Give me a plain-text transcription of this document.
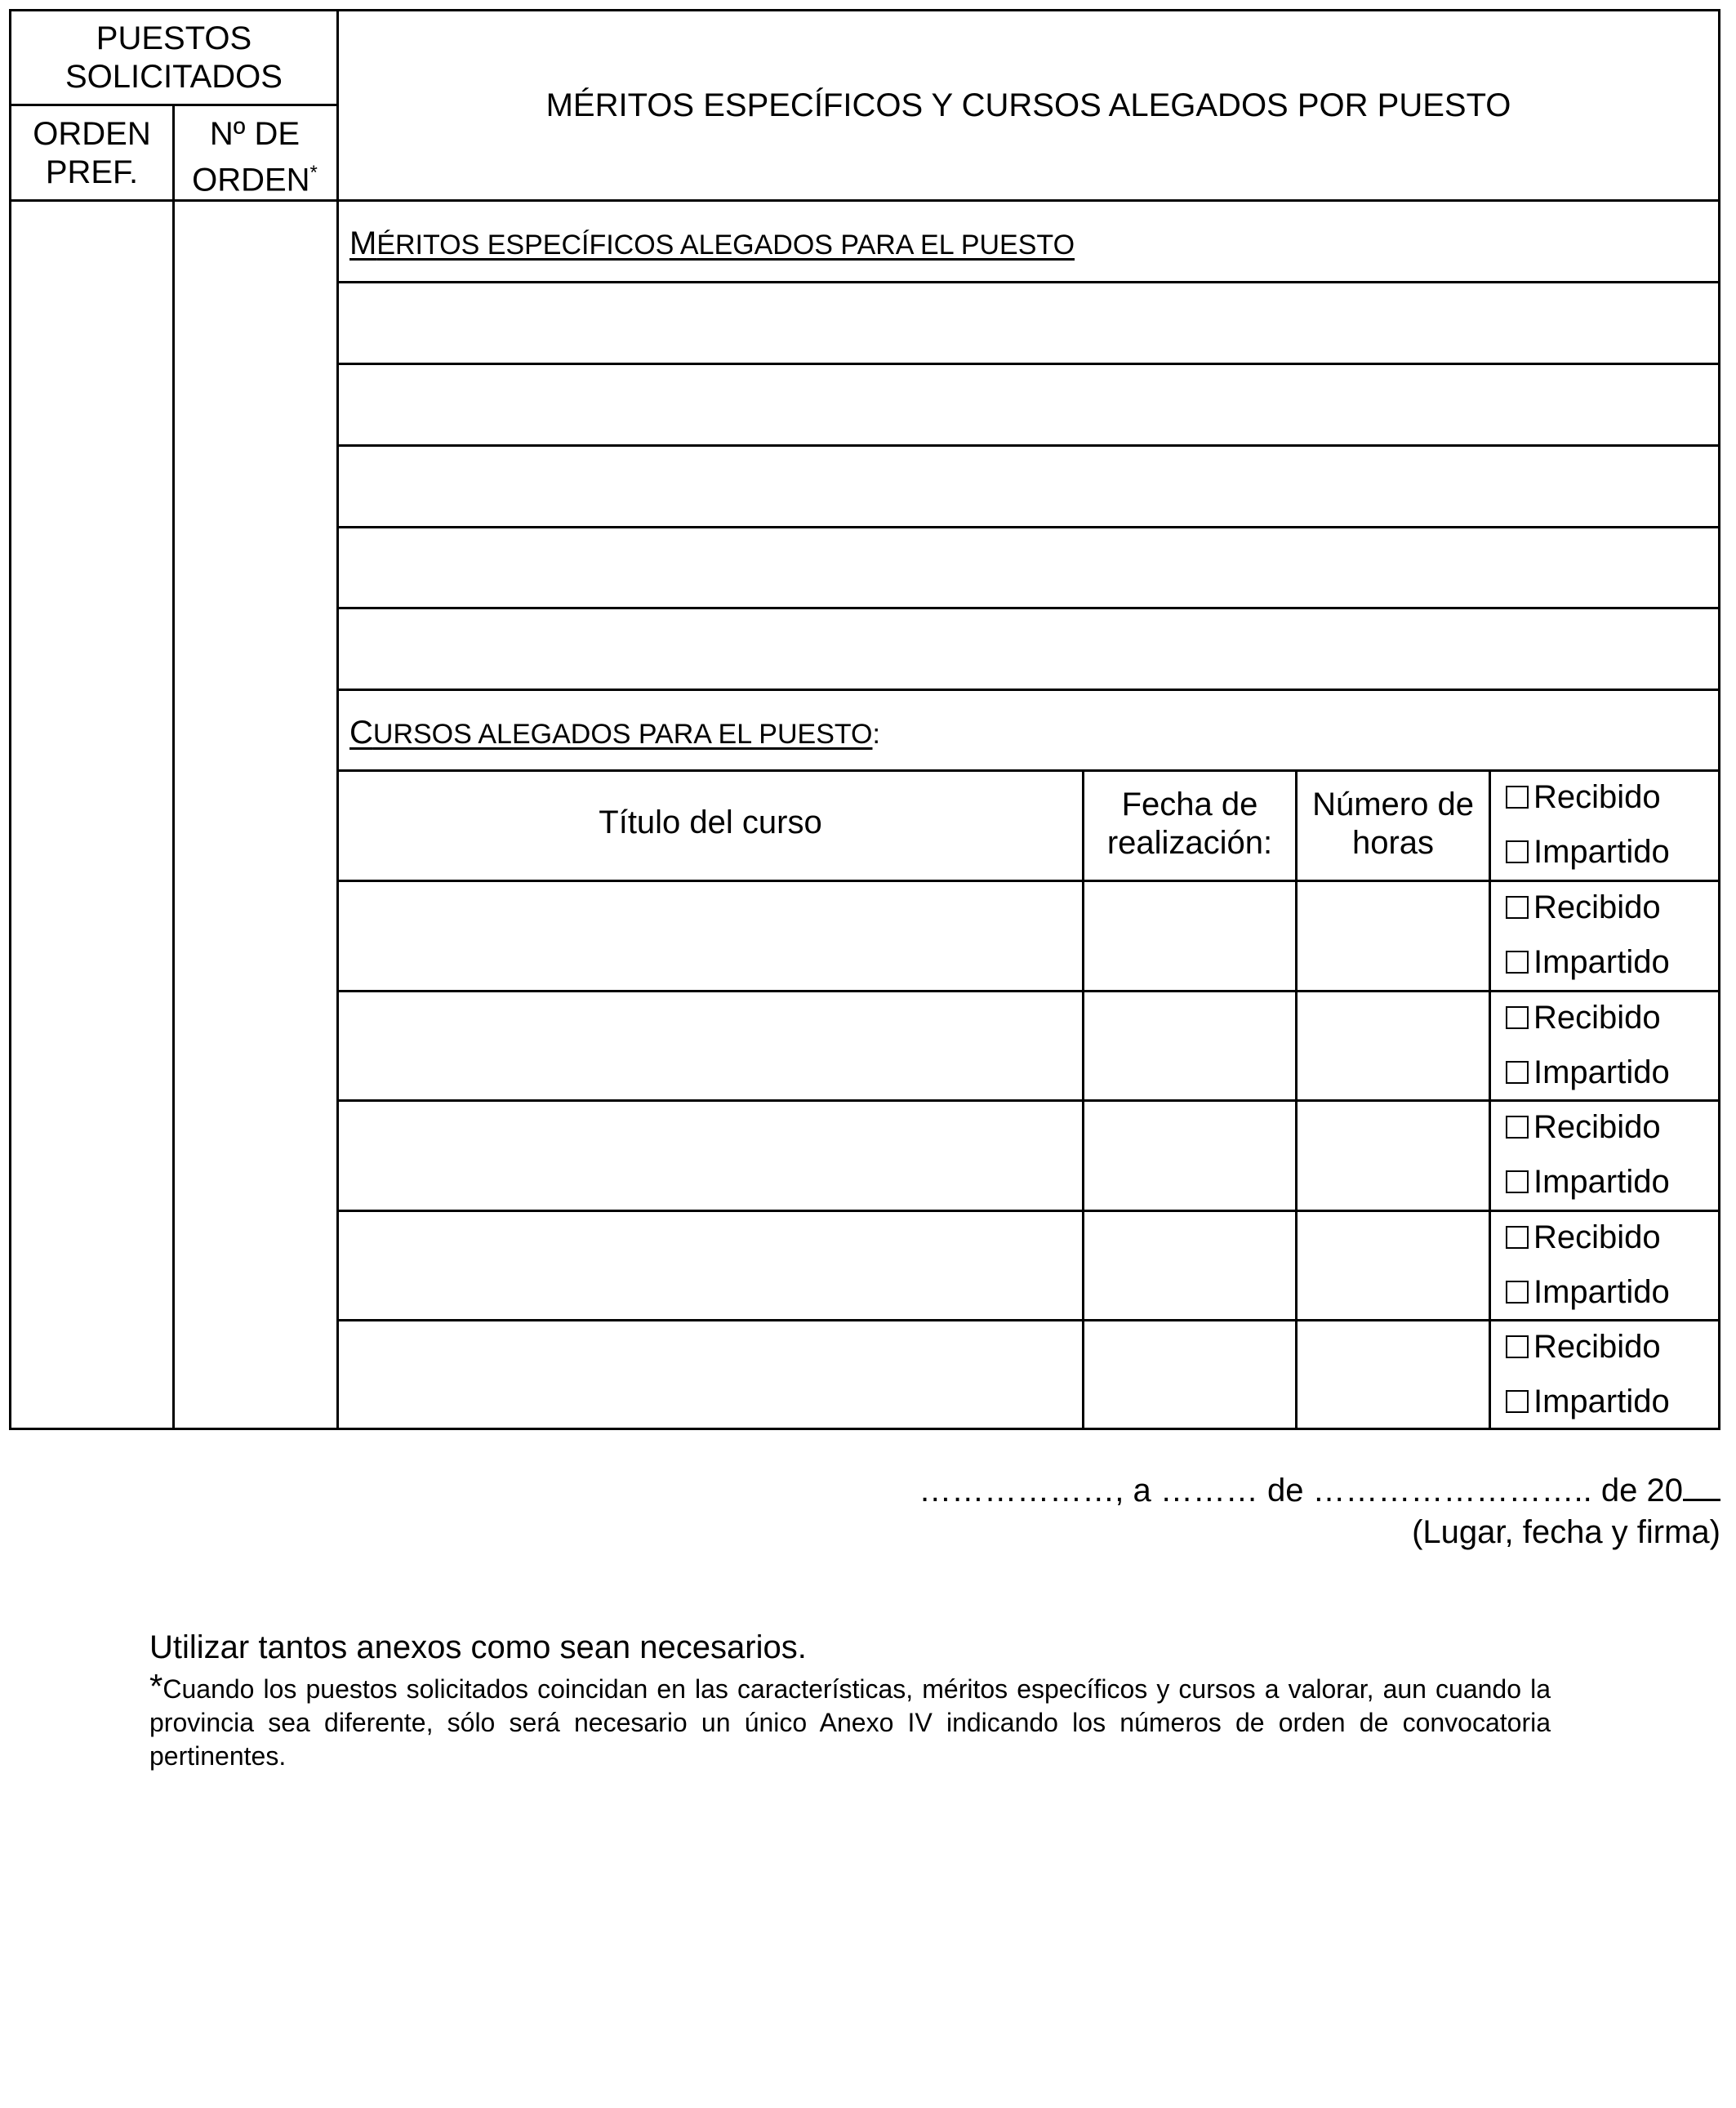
PUESTOS SOLICITADOS
ORDEN PREF.
Nº DE ORDEN*
MÉRITOS ESPECÍFICOS Y CURSOS ALEGADOS POR PUESTO
MÉRITOS ESPECÍFICOS ALEGADOS PARA EL PUESTO
CURSOS ALEGADOS PARA EL PUESTO:
Título del curso	Fecha de realización:
Número de horas
Recibido
Impartido
Recibido
Impartido
Recibido
Impartido
Recibido
Impartido
Recibido
Impartido
Recibido
Impartido
………………, a ……… de …………………….. de 20
(Lugar, fecha y firma)
Utilizar tantos anexos como sean necesarios.
*Cuando los puestos solicitados coincidan en las características, méritos específicos y cursos a valorar, aun cuando la provincia sea diferente, sólo será necesario un único Anexo IV indicando los números de orden de convocatoria pertinentes.
